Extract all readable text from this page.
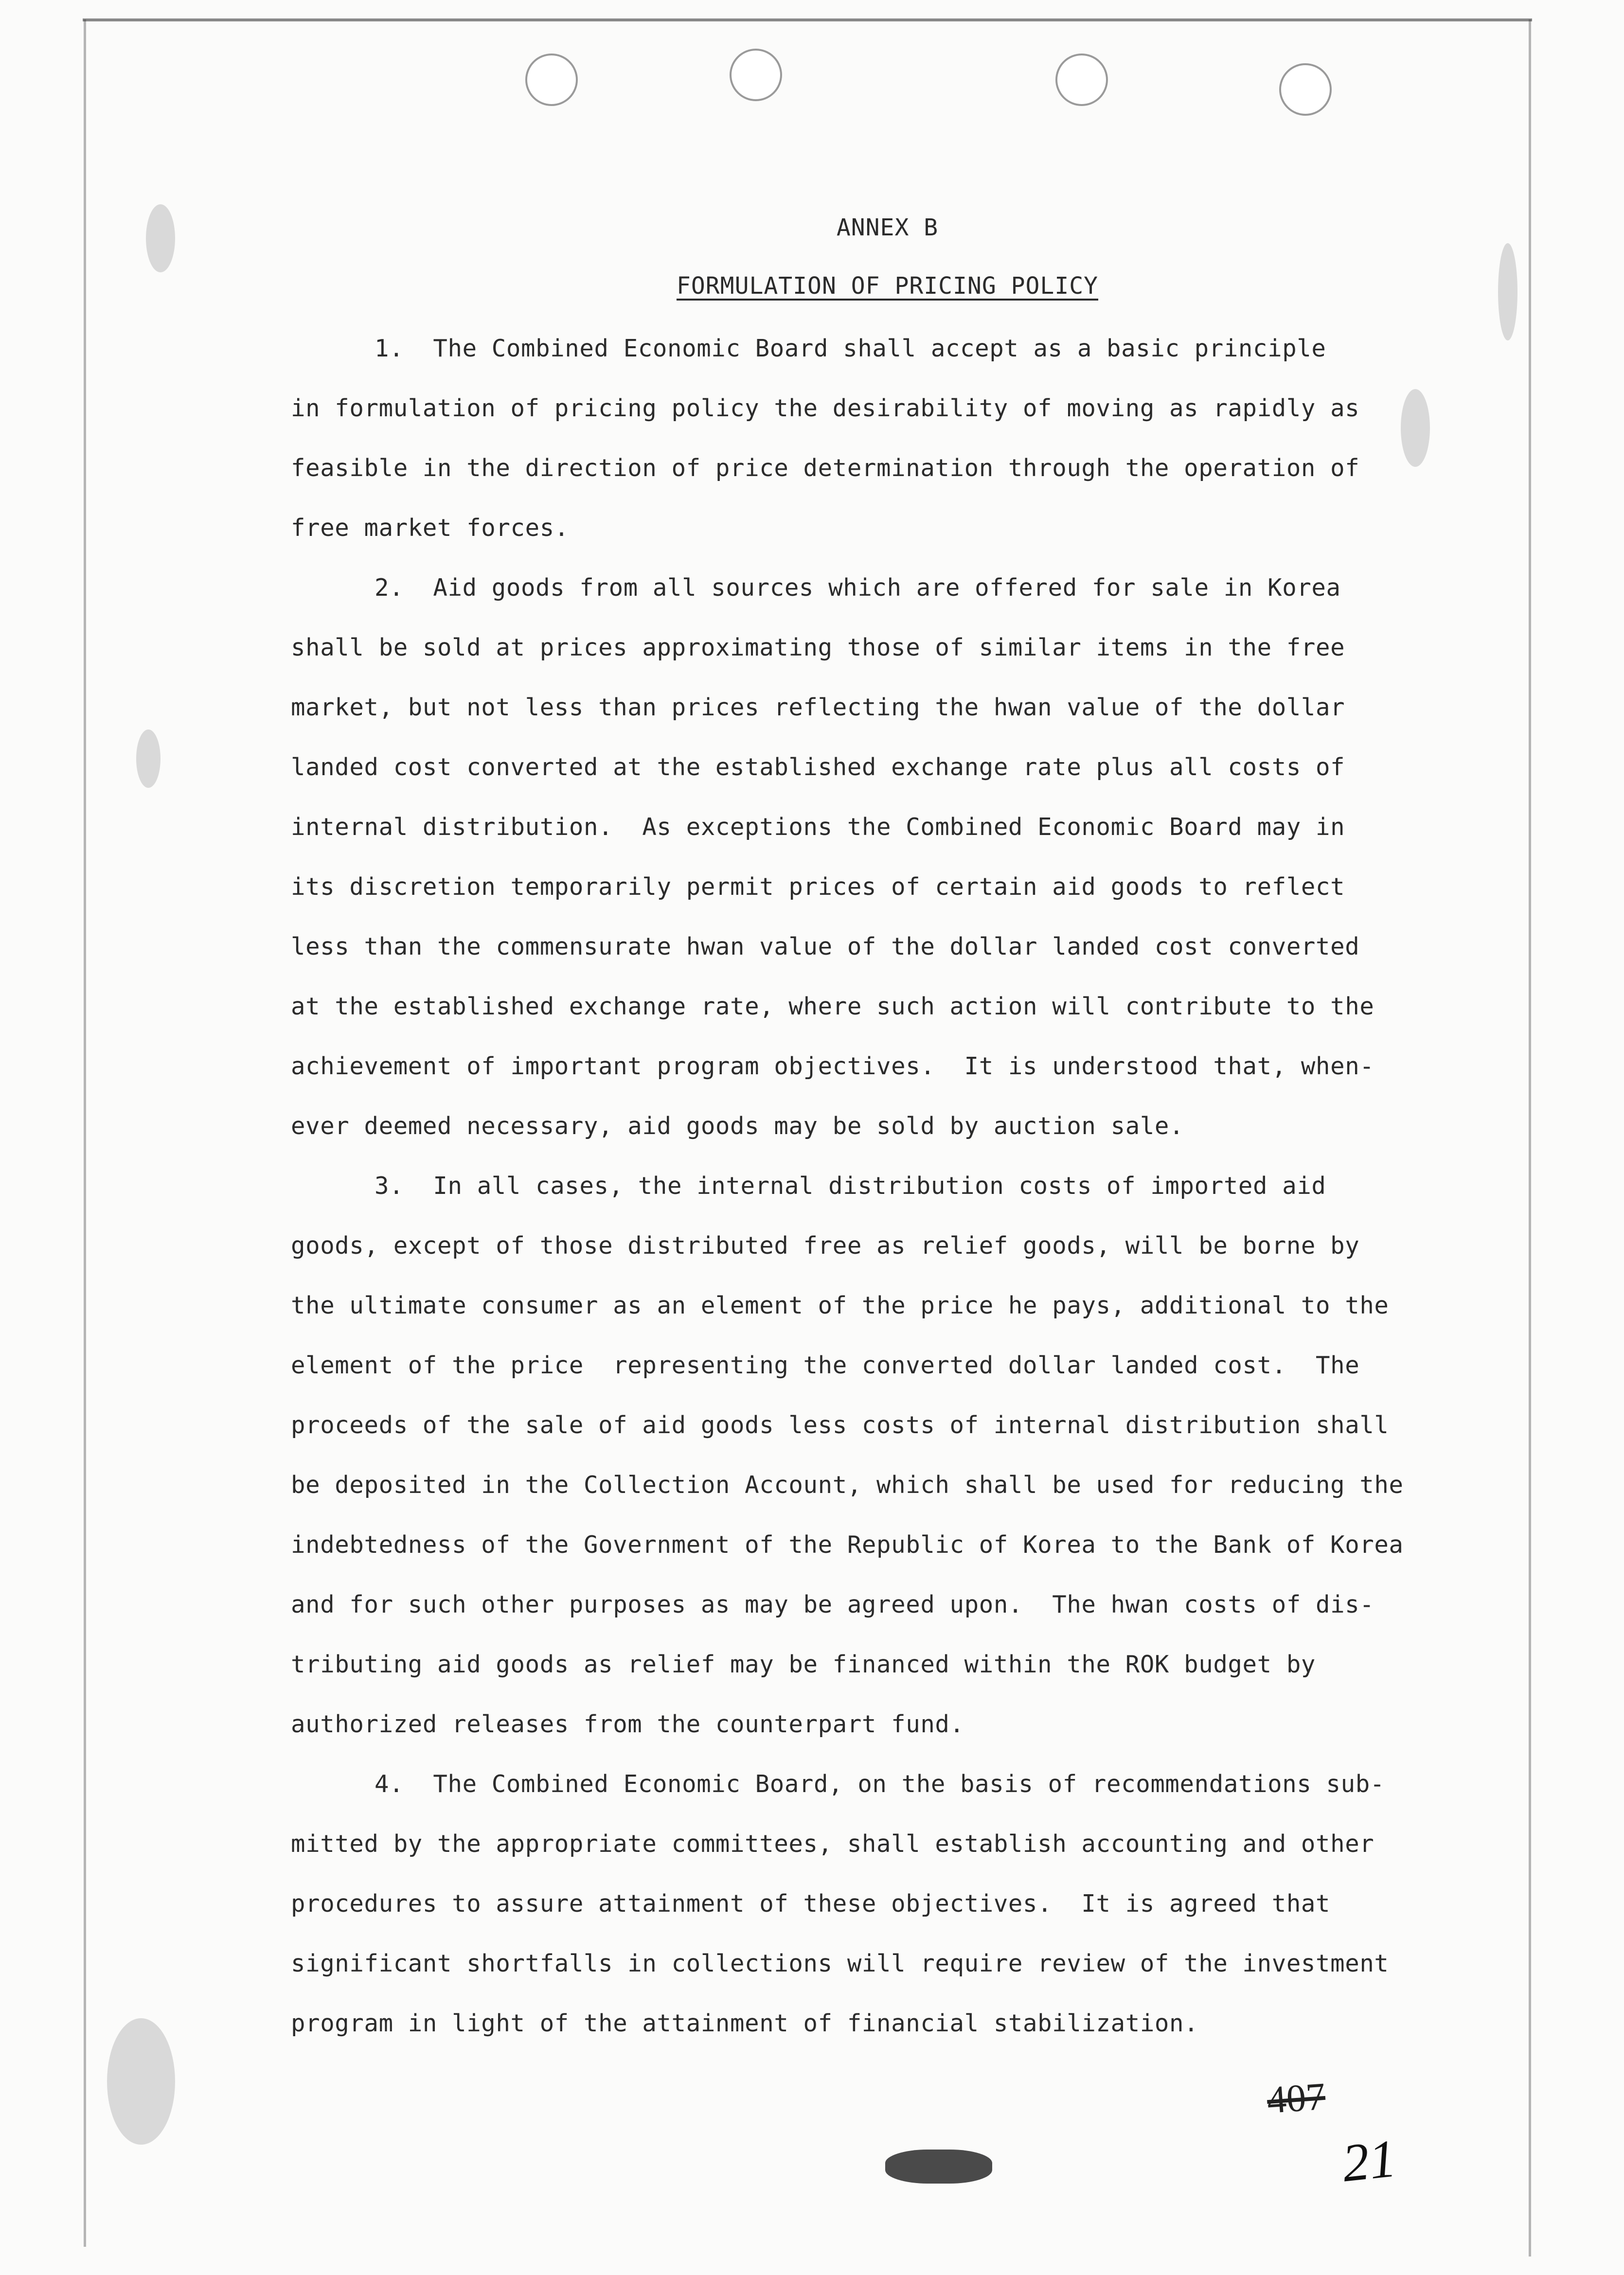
ANNEX B
FORMULATION OF PRICING POLICY
1.  The Combined Economic Board shall accept as a basic principle
in formulation of pricing policy the desirability of moving as rapidly as
feasible in the direction of price determination through the operation of
free market forces.
2.  Aid goods from all sources which are offered for sale in Korea
shall be sold at prices approximating those of similar items in the free
market, but not less than prices reflecting the hwan value of the dollar
landed cost converted at the established exchange rate plus all costs of
internal distribution.  As exceptions the Combined Economic Board may in
its discretion temporarily permit prices of certain aid goods to reflect
less than the commensurate hwan value of the dollar landed cost converted
at the established exchange rate, where such action will contribute to the
achievement of important program objectives.  It is understood that, when-
ever deemed necessary, aid goods may be sold by auction sale.
3.  In all cases, the internal distribution costs of imported aid
goods, except of those distributed free as relief goods, will be borne by
the ultimate consumer as an element of the price he pays, additional to the
element of the price  representing the converted dollar landed cost.  The
proceeds of the sale of aid goods less costs of internal distribution shall
be deposited in the Collection Account, which shall be used for reducing the
indebtedness of the Government of the Republic of Korea to the Bank of Korea
and for such other purposes as may be agreed upon.  The hwan costs of dis-
tributing aid goods as relief may be financed within the ROK budget by
authorized releases from the counterpart fund.
4.  The Combined Economic Board, on the basis of recommendations sub-
mitted by the appropriate committees, shall establish accounting and other
procedures to assure attainment of these objectives.  It is agreed that
significant shortfalls in collections will require review of the investment
program in light of the attainment of financial stabilization.
407
21
